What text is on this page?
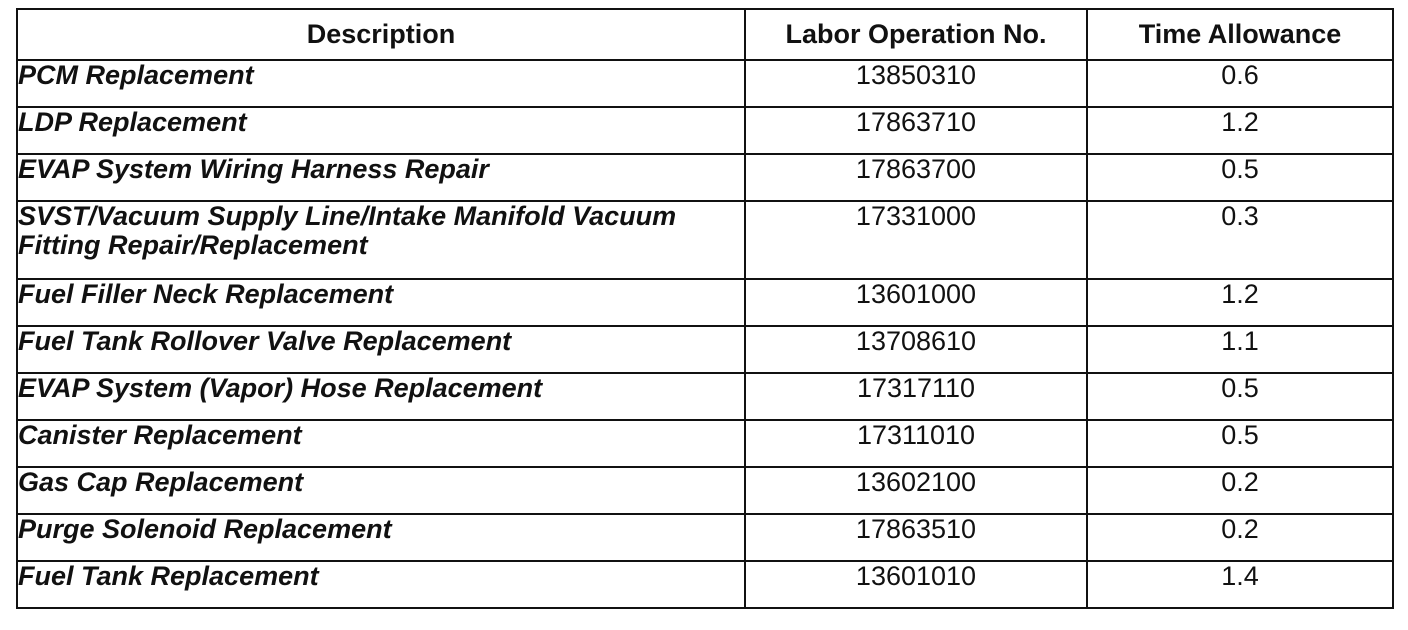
Description	Labor Operation No.	Time Allowance
PCM Replacement	13850310	0.6
LDP Replacement	17863710	1.2
EVAP System Wiring Harness Repair	17863700	0.5
SVST/Vacuum Supply Line/Intake Manifold Vacuum Fitting Repair/Replacement	17331000	0.3
Fuel Filler Neck Replacement	13601000	1.2
Fuel Tank Rollover Valve Replacement	13708610	1.1
EVAP System (Vapor) Hose Replacement	17317110	0.5
Canister Replacement	17311010	0.5
Gas Cap Replacement	13602100	0.2
Purge Solenoid Replacement	17863510	0.2
Fuel Tank Replacement	13601010	1.4
